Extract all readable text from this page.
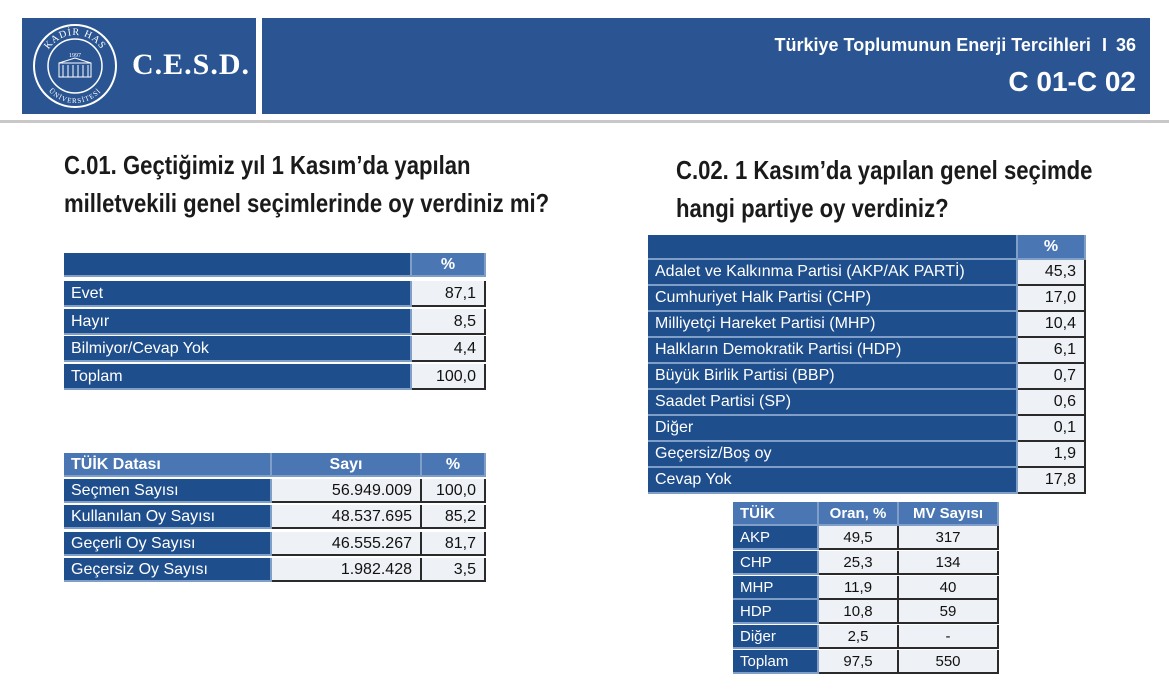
KADİR HAS
ÜNİVERSİTESİ
1997 C.E.S.D.
Türkiye Toplumunun Enerji Tercihleri I 36
C 01-C 02
C.01. Geçtiğimiz yıl 1 Kasım’da yapılan
milletvekili genel seçimlerinde oy verdiniz mi?
C.02. 1 Kasım’da yapılan genel seçimde
hangi partiye oy verdiniz?
%
Evet	87,1
Hayır	8,5
Bilmiyor/Cevap Yok	4,4
Toplam	100,0
TÜİK Datası	Sayı	%
Seçmen Sayısı	56.949.009	100,0
Kullanılan Oy Sayısı	48.537.695	85,2
Geçerli Oy Sayısı	46.555.267	81,7
Geçersiz Oy Sayısı	1.982.428	3,5
%
Adalet ve Kalkınma Partisi (AKP/AK PARTİ)	45,3
Cumhuriyet Halk Partisi (CHP)	17,0
Milliyetçi Hareket Partisi (MHP)	10,4
Halkların Demokratik Partisi (HDP)	6,1
Büyük Birlik Partisi (BBP)	0,7
Saadet Partisi (SP)	0,6
Diğer	0,1
Geçersiz/Boş oy	1,9
Cevap Yok	17,8
TÜİK	Oran, %	MV Sayısı
AKP	49,5	317
CHP	25,3	134
MHP	11,9	40
HDP	10,8	59
Diğer	2,5	-
Toplam	97,5	550
